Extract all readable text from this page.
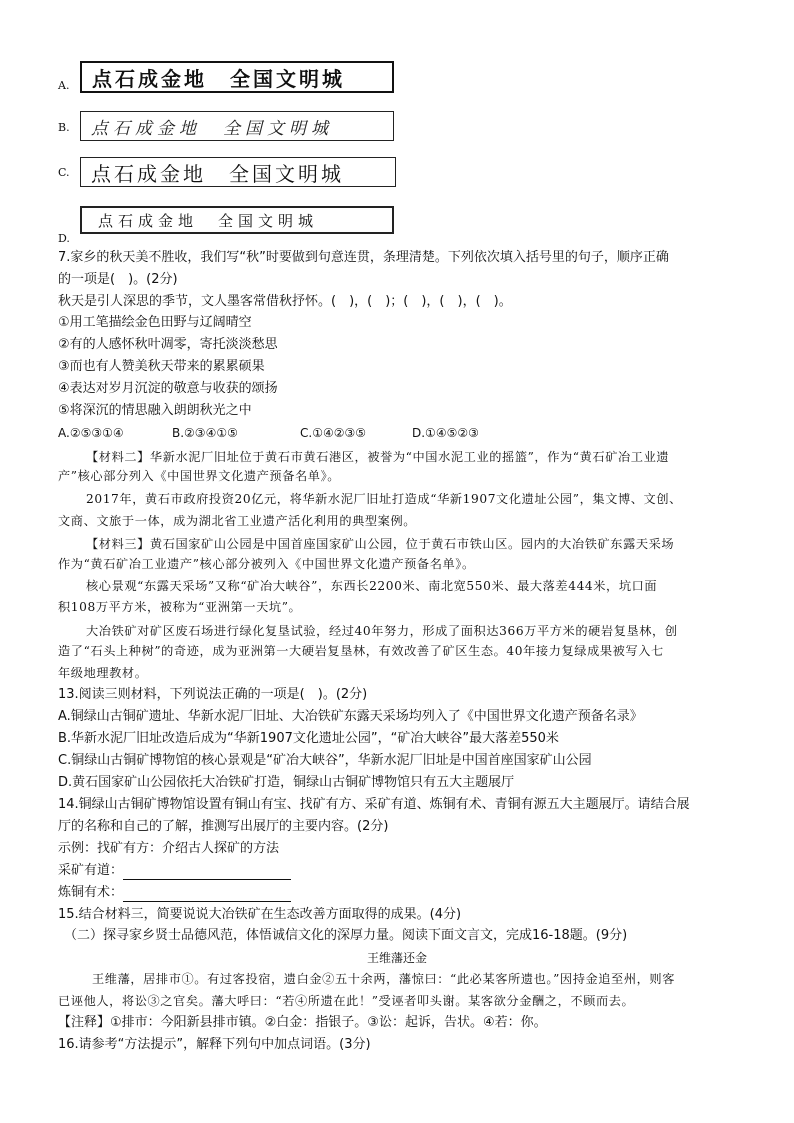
A. 点石成金地　全国文明城
B. 点石成金地　全国文明城
C. 点石成金地　全国文明城
D.
点石成金地　全国文明城
7.家乡的秋天美不胜收，我们写“秋”时要做到句意连贯，条理清楚。下列依次填入括号里的句子，顺序正确
的一项是(　)。(2分)
秋天是引人深思的季节，文人墨客常借秋抒怀。(　)，(　)；(　)，(　)，(　)。
①用工笔描绘金色田野与辽阔晴空
②有的人感怀秋叶凋零，寄托淡淡愁思
③而也有人赞美秋天带来的累累硕果
④表达对岁月沉淀的敬意与收获的颂扬
⑤将深沉的情思融入朗朗秋光之中
A.②⑤③①④	B.②③④①⑤	C.①④②③⑤	D.①④⑤②③
【材料二】华新水泥厂旧址位于黄石市黄石港区，被誉为“中国水泥工业的摇篮”，作为“黄石矿冶工业遗
产”核心部分列入《中国世界文化遗产预备名单》。
2017年，黄石市政府投资20亿元，将华新水泥厂旧址打造成“华新1907文化遗址公园”，集文博、文创、
文商、文旅于一体，成为湖北省工业遗产活化利用的典型案例。
【材料三】黄石国家矿山公园是中国首座国家矿山公园，位于黄石市铁山区。园内的大冶铁矿东露天采场
作为“黄石矿冶工业遗产”核心部分被列入《中国世界文化遗产预备名单》。
核心景观“东露天采场”又称“矿冶大峡谷”，东西长2200米、南北宽550米、最大落差444米，坑口面
积108万平方米，被称为“亚洲第一天坑”。
大冶铁矿对矿区废石场进行绿化复垦试验，经过40年努力，形成了面积达366万平方米的硬岩复垦林，创
造了“石头上种树”的奇迹，成为亚洲第一大硬岩复垦林，有效改善了矿区生态。40年接力复绿成果被写入七
年级地理教材。
13.阅读三则材料，下列说法正确的一项是(　)。(2分)
A.铜绿山古铜矿遗址、华新水泥厂旧址、大冶铁矿东露天采场均列入了《中国世界文化遗产预备名录》
B.华新水泥厂旧址改造后成为“华新1907文化遗址公园”，“矿冶大峡谷”最大落差550米
C.铜绿山古铜矿博物馆的核心景观是“矿冶大峡谷”，华新水泥厂旧址是中国首座国家矿山公园
D.黄石国家矿山公园依托大冶铁矿打造，铜绿山古铜矿博物馆只有五大主题展厅
14.铜绿山古铜矿博物馆设置有铜山有宝、找矿有方、采矿有道、炼铜有术、青铜有源五大主题展厅。请结合展
厅的名称和自己的了解，推测写出展厅的主要内容。(2分)
示例：找矿有方：介绍古人探矿的方法
采矿有道：
炼铜有术：
15.结合材料三，简要说说大冶铁矿在生态改善方面取得的成果。(4分)
（二）探寻家乡贤士品德风范，体悟诚信文化的深厚力量。阅读下面文言文，完成16-18题。(9分)
王维藩还金
王维藩，居排市①。有过客投宿，遗白金②五十余两，藩惊曰：“此必某客所遗也。”因持金追至州，则客
已诬他人，将讼③之官矣。藩大呼曰：“若④所遗在此！”受诬者叩头谢。某客欲分金酬之，不顾而去。
【注释】①排市：今阳新县排市镇。②白金：指银子。③讼：起诉，告状。④若：你。
16.请参考“方法提示”，解释下列句中加点词语。(3分)
